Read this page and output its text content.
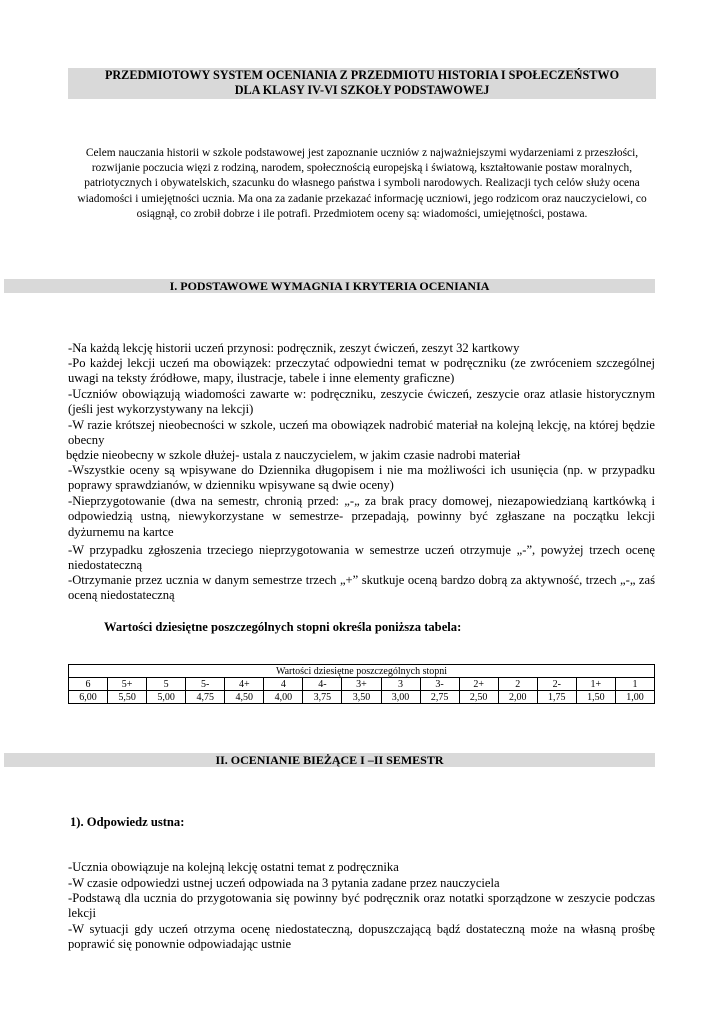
PRZEDMIOTOWY SYSTEM OCENIANIA Z PRZEDMIOTU HISTORIA I SPOŁECZEŃSTWO
DLA KLASY IV-VI SZKOŁY PODSTAWOWEJ
Celem nauczania historii w szkole podstawowej jest zapoznanie uczniów z najważniejszymi wydarzeniami z przeszłości, rozwijanie poczucia więzi z rodziną, narodem, społecznością europejską i światową, kształtowanie postaw moralnych, patriotycznych i obywatelskich, szacunku do własnego państwa i symboli narodowych. Realizacji tych celów służy ocena wiadomości i umiejętności ucznia. Ma ona za zadanie przekazać informację uczniowi, jego rodzicom oraz nauczycielowi, co osiągnął, co zrobił dobrze i ile potrafi. Przedmiotem oceny są: wiadomości, umiejętności, postawa.
I. PODSTAWOWE WYMAGNIA I KRYTERIA OCENIANIA
-Na każdą lekcję historii uczeń przynosi: podręcznik, zeszyt ćwiczeń, zeszyt 32 kartkowy
-Po każdej lekcji uczeń ma obowiązek: przeczytać odpowiedni temat w podręczniku (ze zwróceniem szczególnej uwagi na teksty źródłowe, mapy, ilustracje, tabele i inne elementy graficzne)
-Uczniów obowiązują wiadomości zawarte w: podręczniku, zeszycie ćwiczeń, zeszycie oraz atlasie historycznym (jeśli jest wykorzystywany na lekcji)
-W razie krótszej nieobecności w szkole, uczeń ma obowiązek nadrobić materiał na kolejną lekcję, na której będzie obecny
będzie nieobecny w szkole dłużej- ustala z nauczycielem, w jakim czasie nadrobi materiał
-Wszystkie oceny są wpisywane do Dziennika długopisem i nie ma możliwości ich usunięcia (np. w przypadku poprawy sprawdzianów, w dzienniku wpisywane są dwie oceny)
-Nieprzygotowanie (dwa na semestr, chronią przed: „-„ za brak pracy domowej, niezapowiedzianą kartkówką i odpowiedzią ustną, niewykorzystane w semestrze- przepadają, powinny być zgłaszane na początku lekcji dyżurnemu na kartce
-W przypadku zgłoszenia trzeciego nieprzygotowania w semestrze uczeń otrzymuje „-”, powyżej trzech ocenę niedostateczną
-Otrzymanie przez ucznia w danym semestrze trzech „+” skutkuje oceną bardzo dobrą za aktywność, trzech „-„ zaś oceną niedostateczną
Wartości dziesiętne poszczególnych stopni określa poniższa tabela:
Wartości dziesiętne poszczególnych stopni														
6	5+	5	5-	4+	4	4-	3+	3	3-	2+	2	2-	1+	1
6,00	5,50	5,00	4,75	4,50	4,00	3,75	3,50	3,00	2,75	2,50	2,00	1,75	1,50	1,00
II. OCENIANIE BIEŻĄCE I –II SEMESTR
1). Odpowiedz ustna:
-Ucznia obowiązuje na kolejną lekcję ostatni temat z podręcznika
-W czasie odpowiedzi ustnej uczeń odpowiada na 3 pytania zadane przez nauczyciela
-Podstawą dla ucznia do przygotowania się powinny być podręcznik oraz notatki sporządzone w zeszycie podczas lekcji
-W sytuacji gdy uczeń otrzyma ocenę niedostateczną, dopuszczającą bądź dostateczną może na własną prośbę poprawić się ponownie odpowiadając ustnie
